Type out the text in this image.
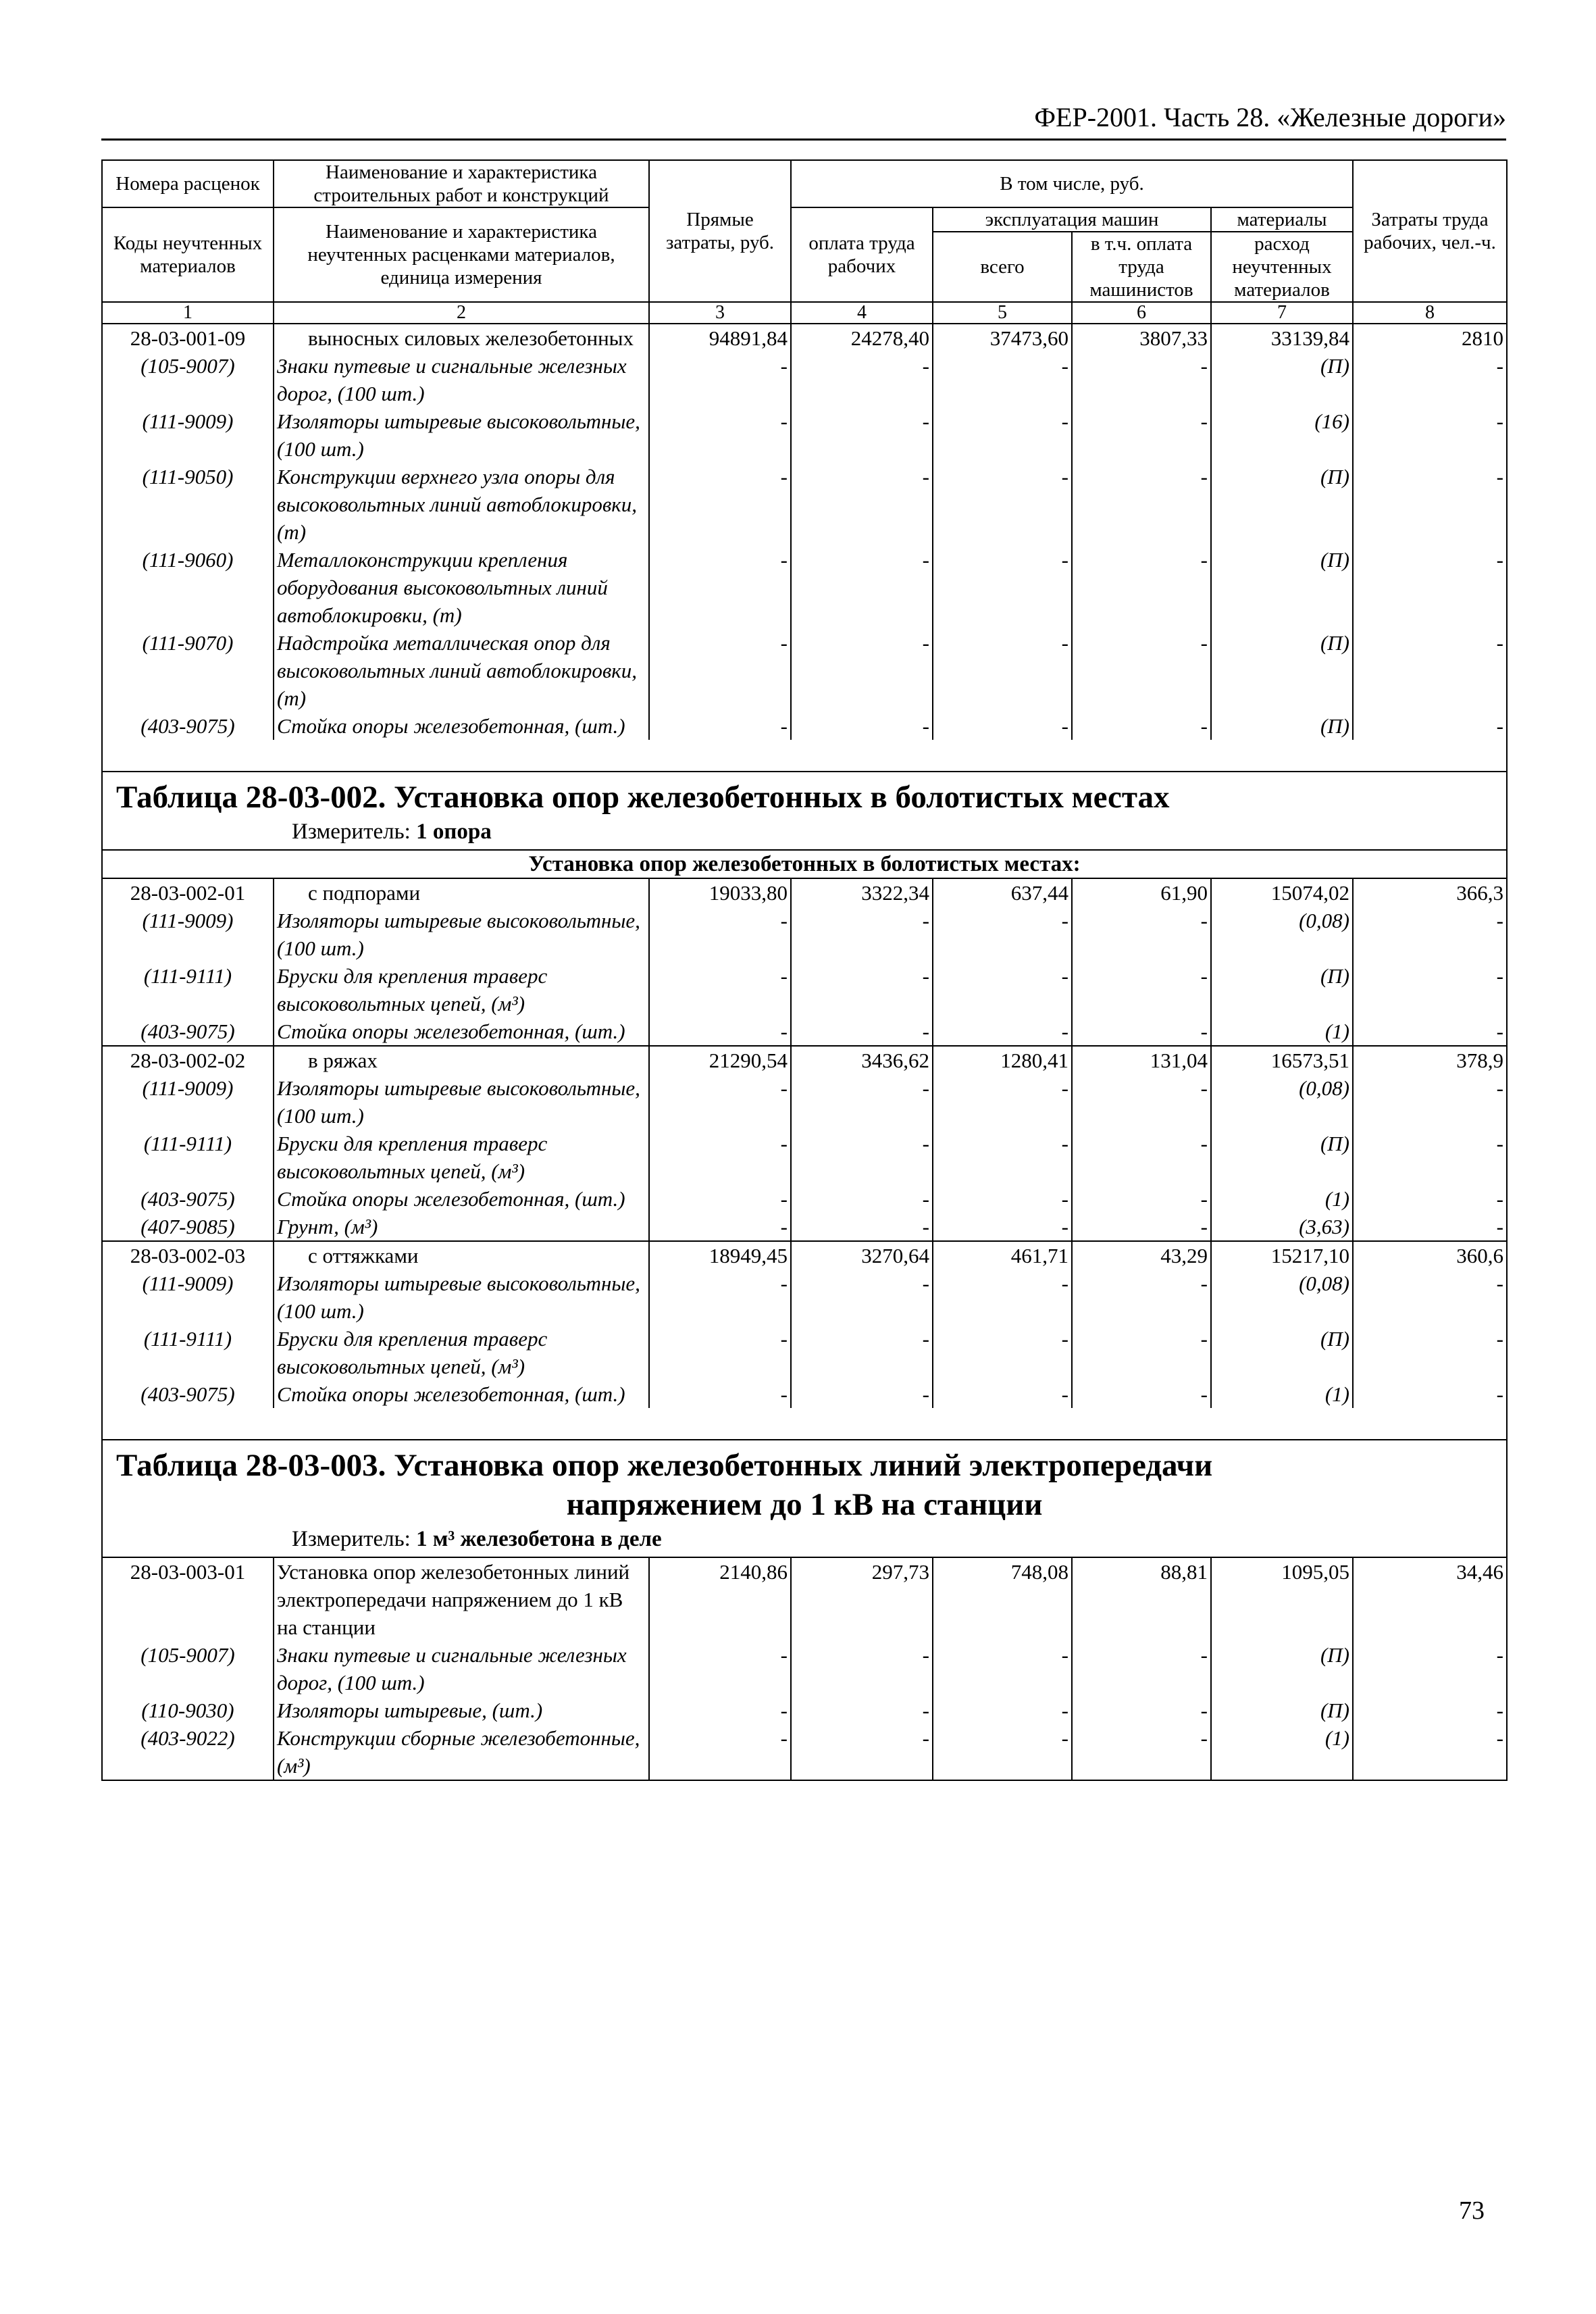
ФЕР-2001. Часть 28. «Железные дороги»
Номера расценок	Наименование и характеристика строительных работ и конструкций	Прямые затраты, руб.	В том числе, руб.				Затраты труда рабочих, чел.-ч.
Коды неучтенных материалов	Наименование и характеристика неучтенных расценками материалов, единица измерения		оплата труда рабочих	эксплуатация машин		материалы	
				всего	в т.ч. оплата труда машинистов	расход неучтенных материалов	
1	2	3	4	5	6	7	8
28-03-001-09	выносных силовых железобетонных	94891,84	24278,40	37473,60	3807,33	33139,84	2810
(105-9007)	Знаки путевые и сигнальные железных дорог, (100 шт.)	-	-	-	-	(П)	-
(111-9009)	Изоляторы штыревые высоковольтные, (100 шт.)	-	-	-	-	(16)	-
(111-9050)	Конструкции верхнего узла опоры для высоковольтных линий автоблокировки, (т)	-	-	-	-	(П)	-
(111-9060)	Металлоконструкции крепления оборудования высоковольтных линий автоблокировки, (т)	-	-	-	-	(П)	-
(111-9070)	Надстройка металлическая опор для высоковольтных линий автоблокировки, (т)	-	-	-	-	(П)	-
(403-9075)	Стойка опоры железобетонная, (шт.)	-	-	-	-	(П)	-

Таблица 28-03-002. Установка опор железобетонных в болотистых местах
Измеритель: 1 опора							

Установка опор железобетонных в болотистых местах:							
28-03-002-01	с подпорами	19033,80	3322,34	637,44	61,90	15074,02	366,3
(111-9009)	Изоляторы штыревые высоковольтные, (100 шт.)	-	-	-	-	(0,08)	-
(111-9111)	Бруски для крепления траверс высоковольтных цепей, (м³)	-	-	-	-	(П)	-
(403-9075)	Стойка опоры железобетонная, (шт.)	-	-	-	-	(1)	-
28-03-002-02	в ряжах	21290,54	3436,62	1280,41	131,04	16573,51	378,9
(111-9009)	Изоляторы штыревые высоковольтные, (100 шт.)	-	-	-	-	(0,08)	-
(111-9111)	Бруски для крепления траверс высоковольтных цепей, (м³)	-	-	-	-	(П)	-
(403-9075)	Стойка опоры железобетонная, (шт.)	-	-	-	-	(1)	-
(407-9085)	Грунт, (м³)	-	-	-	-	(3,63)	-
28-03-002-03	с оттяжками	18949,45	3270,64	461,71	43,29	15217,10	360,6
(111-9009)	Изоляторы штыревые высоковольтные, (100 шт.)	-	-	-	-	(0,08)	-
(111-9111)	Бруски для крепления траверс высоковольтных цепей, (м³)	-	-	-	-	(П)	-
(403-9075)	Стойка опоры железобетонная, (шт.)	-	-	-	-	(1)	-

Таблица 28-03-003. Установка опор железобетонных линий электропередачи
напряжением до 1 кВ на станции
Измеритель: 1 м³ железобетона в деле							

28-03-003-01	Установка опор железобетонных линий электропередачи напряжением до 1 кВ на станции	2140,86	297,73	748,08	88,81	1095,05	34,46
(105-9007)	Знаки путевые и сигнальные железных дорог, (100 шт.)	-	-	-	-	(П)	-
(110-9030)	Изоляторы штыревые, (шт.)	-	-	-	-	(П)	-
(403-9022)	Конструкции сборные железобетонные, (м³)	-	-	-	-	(1)	-
73
